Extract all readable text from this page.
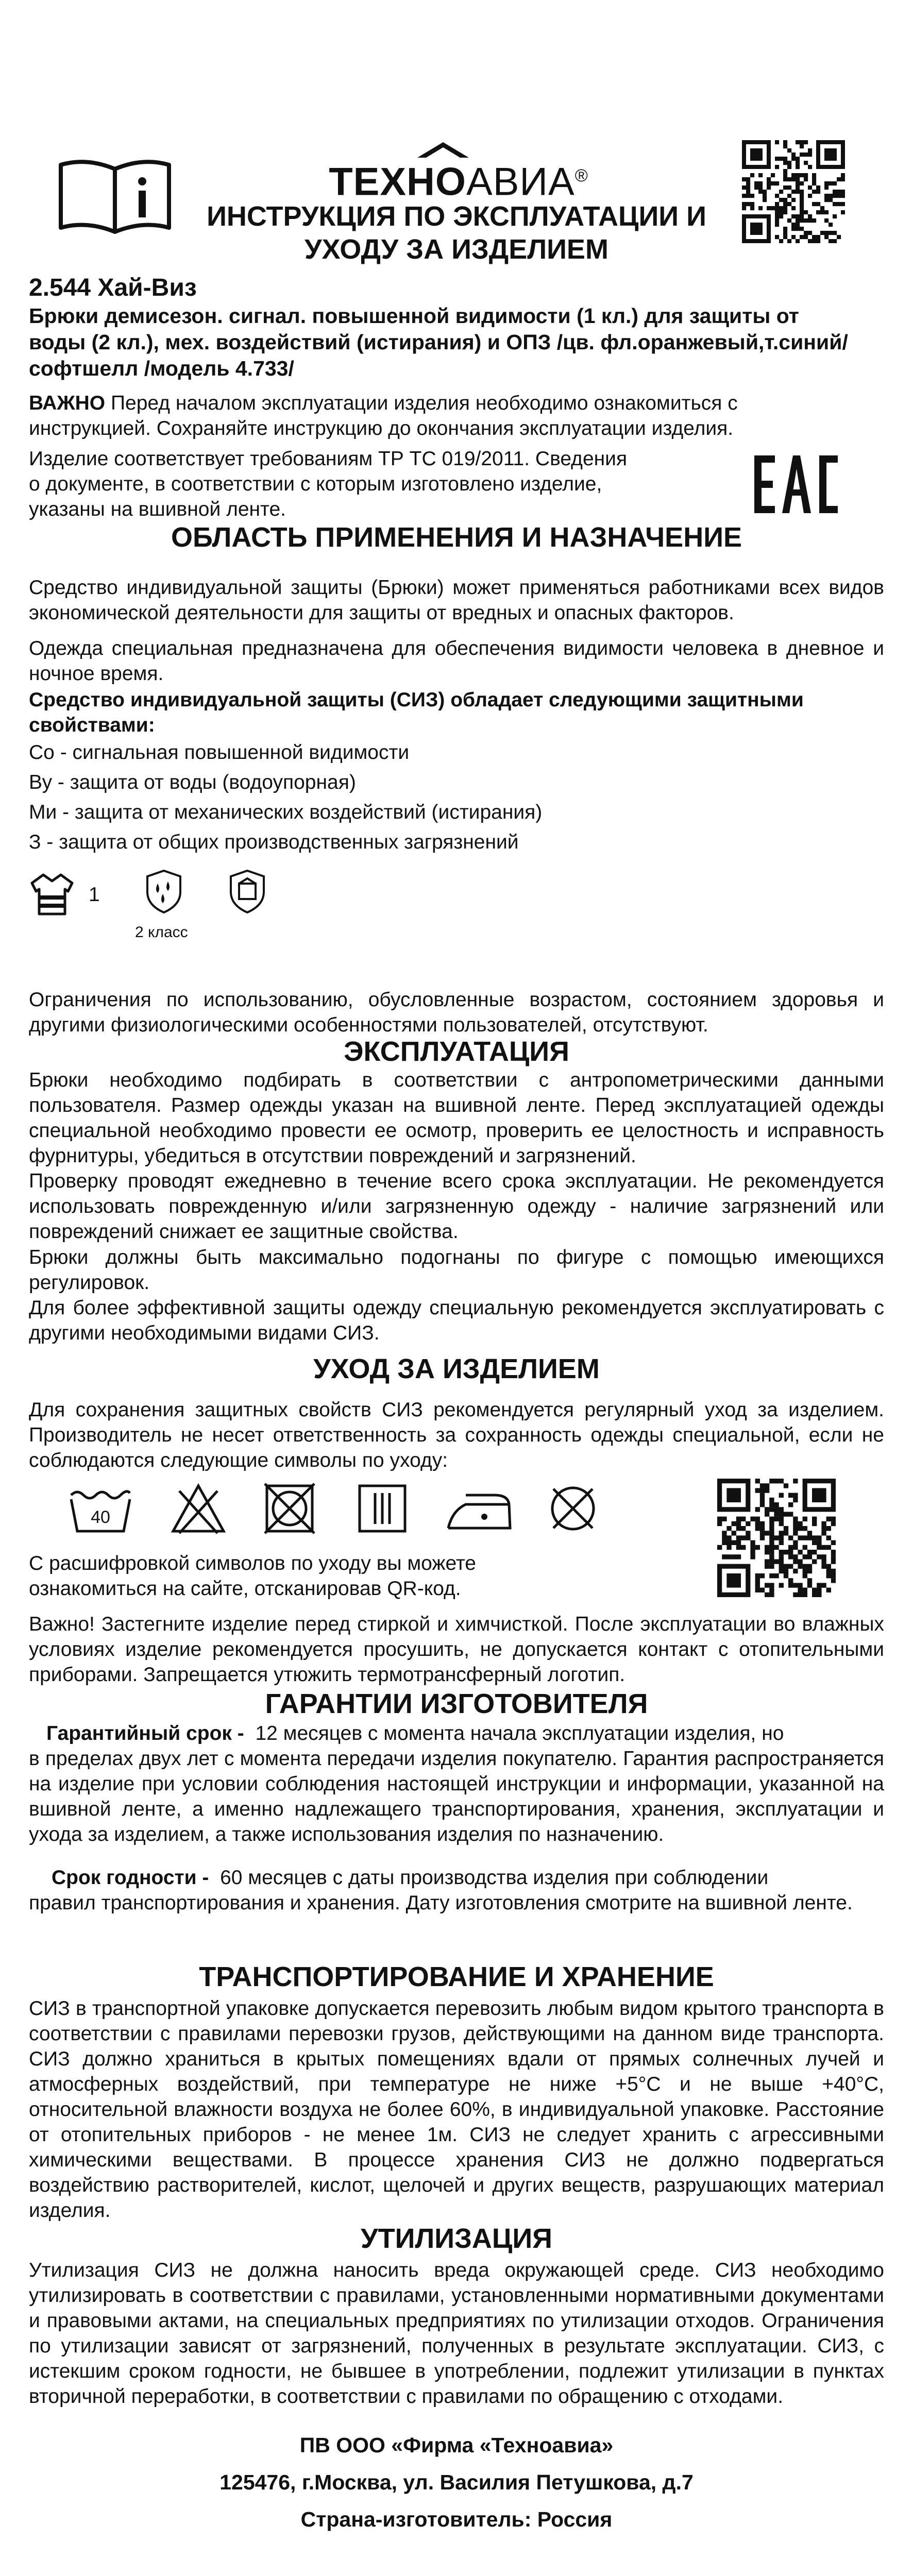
ТЕХНОАВИА®
ИНСТРУКЦИЯ ПО ЭКСПЛУАТАЦИИ И
УХОДУ ЗА ИЗДЕЛИЕМ
2.544 Хай-Виз
Брюки демисезон. сигнал. повышенной видимости (1 кл.) для защиты от
воды (2 кл.), мех. воздействий (истирания) и ОПЗ /цв. фл.оранжевый,т.синий/
софтшелл /модель 4.733/
ВАЖНО Перед началом эксплуатации изделия необходимо ознакомиться с
инструкцией. Сохраняйте инструкцию до окончания эксплуатации изделия.
Изделие соответствует требованиям ТР ТС 019/2011. Сведения
о документе, в соответствии с которым изготовлено изделие,
указаны на вшивной ленте.
ОБЛАСТЬ ПРИМЕНЕНИЯ И НАЗНАЧЕНИЕ
Средство индивидуальной защиты (Брюки) может применяться работниками всех видов экономической деятельности для защиты от вредных и опасных факторов.
Одежда специальная предназначена для обеспечения видимости человека в дневное и ночное время.
Средство индивидуальной защиты (СИЗ) обладает следующими защитными свойствами:
Со - сигнальная повышенной видимости
Ву - защита от воды (водоупорная)
Ми - защита от механических воздействий (истирания)
З - защита от общих производственных загрязнений
1
2 класс
Ограничения по использованию, обусловленные возрастом, состоянием здоровья и другими физиологическими особенностями пользователей, отсутствуют.
ЭКСПЛУАТАЦИЯ
Брюки необходимо подбирать в соответствии с антропометрическими данными пользователя. Размер одежды указан на вшивной ленте. Перед эксплуатацией одежды специальной необходимо провести ее осмотр, проверить ее целостность и исправность фурнитуры, убедиться в отсутствии повреждений и загрязнений.
Проверку проводят ежедневно в течение всего срока эксплуатации. Не рекомендуется использовать поврежденную и/или загрязненную одежду - наличие загрязнений или повреждений снижает ее защитные свойства.
Брюки должны быть максимально подогнаны по фигуре с помощью имеющихся регулировок.
Для более эффективной защиты одежду специальную рекомендуется эксплуатировать с другими необходимыми видами СИЗ.
УХОД ЗА ИЗДЕЛИЕМ
Для сохранения защитных свойств СИЗ рекомендуется регулярный уход за изделием. Производитель не несет ответственность за сохранность одежды специальной, если не соблюдаются следующие символы по уходу:
40
С расшифровкой символов по уходу вы можете
ознакомиться на сайте, отсканировав QR-код.
Важно! Застегните изделие перед стиркой и химчисткой. После эксплуатации во влажных условиях изделие рекомендуется просушить, не допускается контакт с отопительными приборами. Запрещается утюжить термотрансферный логотип.
ГАРАНТИИ ИЗГОТОВИТЕЛЯ
Гарантийный срок - 12 месяцев с момента начала эксплуатации изделия, но
в пределах двух лет с момента передачи изделия покупателю. Гарантия распространяется на изделие при условии соблюдения настоящей инструкции и информации, указанной на вшивной ленте, а именно надлежащего транспортирования, хранения, эксплуатации и ухода за изделием, а также использования изделия по назначению.
Срок годности - 60 месяцев с даты производства изделия при соблюдении
правил транспортирования и хранения. Дату изготовления смотрите на вшивной ленте.
ТРАНСПОРТИРОВАНИЕ И ХРАНЕНИЕ
СИЗ в транспортной упаковке допускается перевозить любым видом крытого транспорта в соответствии с правилами перевозки грузов, действующими на данном виде транспорта. СИЗ должно храниться в крытых помещениях вдали от прямых солнечных лучей и атмосферных воздействий, при температуре не ниже +5°С и не выше +40°С, относительной влажности воздуха не более 60%, в индивидуальной упаковке. Расстояние от отопительных приборов - не менее 1м. СИЗ не следует хранить с агрессивными химическими веществами. В процессе хранения СИЗ не должно подвергаться воздействию растворителей, кислот, щелочей и других веществ, разрушающих материал изделия.
УТИЛИЗАЦИЯ
Утилизация СИЗ не должна наносить вреда окружающей среде. СИЗ необходимо утилизировать в соответствии с правилами, установленными нормативными документами и правовыми актами, на специальных предприятиях по утилизации отходов. Ограничения по утилизации зависят от загрязнений, полученных в результате эксплуатации. СИЗ, с истекшим сроком годности, не бывшее в употреблении, подлежит утилизации в пунктах вторичной переработки, в соответствии с правилами по обращению с отходами.
ПВ ООО «Фирма «Техноавиа»
125476, г.Москва, ул. Василия Петушкова, д.7
Страна-изготовитель: Россия
